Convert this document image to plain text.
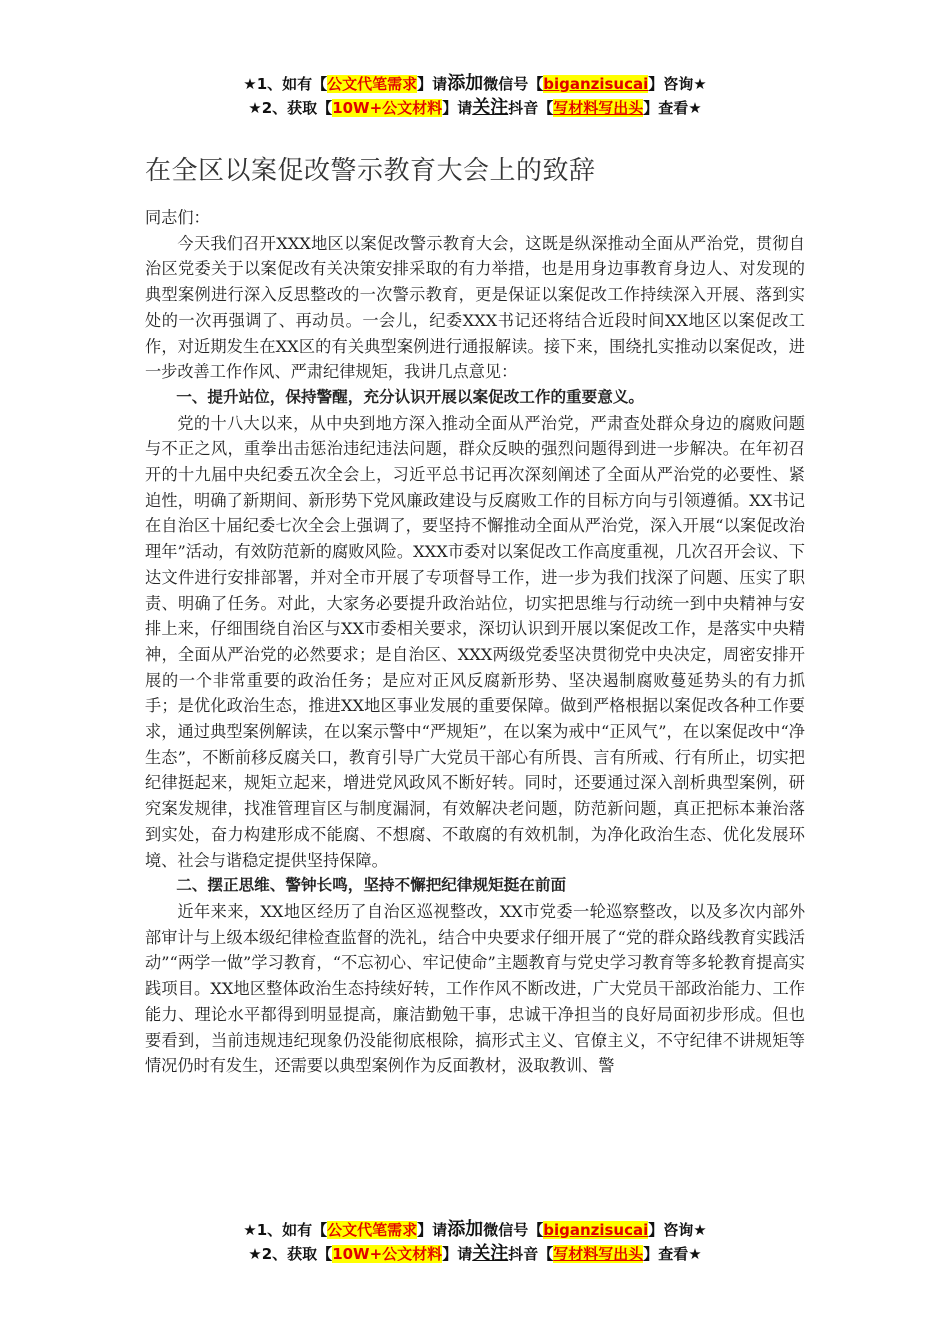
★1、如有【公文代笔需求】请添加微信号【biganzisucai】咨询★
★2、获取【10W+公文材料】请关注抖音【写材料写出头】查看★
在全区以案促改警示教育大会上的致辞

同志们：

今天我们召开XXX地区以案促改警示教育大会，这既是纵深推动全面从严治党，贯彻自治区党委关于以案促改有关决策安排采取的有力举措，也是用身边事教育身边人、对发现的典型案例进行深入反思整改的一次警示教育，更是保证以案促改工作持续深入开展、落到实处的一次再强调了、再动员。一会儿，纪委XXX书记还将结合近段时间XX地区以案促改工作，对近期发生在XX区的有关典型案例进行通报解读。接下来，围绕扎实推动以案促改，进一步改善工作作风、严肃纪律规矩，我讲几点意见：

一、提升站位，保持警醒，充分认识开展以案促改工作的重要意义。

党的十八大以来，从中央到地方深入推动全面从严治党，严肃查处群众身边的腐败问题与不正之风，重拳出击惩治违纪违法问题，群众反映的强烈问题得到进一步解决。在年初召开的十九届中央纪委五次全会上，习近平总书记再次深刻阐述了全面从严治党的必要性、紧迫性，明确了新期间、新形势下党风廉政建设与反腐败工作的目标方向与引领遵循。XX书记在自治区十届纪委七次全会上强调了，要坚持不懈推动全面从严治党，深入开展“以案促改治理年”活动，有效防范新的腐败风险。XXX市委对以案促改工作高度重视，几次召开会议、下达文件进行安排部署，并对全市开展了专项督导工作，进一步为我们找深了问题、压实了职责、明确了任务。对此，大家务必要提升政治站位，切实把思维与行动统一到中央精神与安排上来，仔细围绕自治区与XX市委相关要求，深切认识到开展以案促改工作，是落实中央精神，全面从严治党的必然要求；是自治区、XXX两级党委坚决贯彻党中央决定，周密安排开展的一个非常重要的政治任务；是应对正风反腐新形势、坚决遏制腐败蔓延势头的有力抓手；是优化政治生态，推进XX地区事业发展的重要保障。做到严格根据以案促改各种工作要求，通过典型案例解读，在以案示警中“严规矩”，在以案为戒中“正风气”，在以案促改中“净生态”，不断前移反腐关口，教育引导广大党员干部心有所畏、言有所戒、行有所止，切实把纪律挺起来，规矩立起来，增进党风政风不断好转。同时，还要通过深入剖析典型案例，研究案发规律，找准管理盲区与制度漏洞，有效解决老问题，防范新问题，真正把标本兼治落到实处，奋力构建形成不能腐、不想腐、不敢腐的有效机制，为净化政治生态、优化发展环境、社会与谐稳定提供坚持保障。

二、摆正思维、警钟长鸣，坚持不懈把纪律规矩挺在前面

近年来来，XX地区经历了自治区巡视整改，XX市党委一轮巡察整改，以及多次内部外部审计与上级本级纪律检查监督的洗礼，结合中央要求仔细开展了“党的群众路线教育实践活动”“两学一做”学习教育，“不忘初心、牢记使命”主题教育与党史学习教育等多轮教育提高实践项目。XX地区整体政治生态持续好转，工作作风不断改进，广大党员干部政治能力、工作能力、理论水平都得到明显提高，廉洁勤勉干事，忠诚干净担当的良好局面初步形成。但也要看到，当前违规违纪现象仍没能彻底根除，搞形式主义、官僚主义，不守纪律不讲规矩等情况仍时有发生，还需要以典型案例作为反面教材，汲取教训、警

★1、如有【公文代笔需求】请添加微信号【biganzisucai】咨询★
★2、获取【10W+公文材料】请关注抖音【写材料写出头】查看★
